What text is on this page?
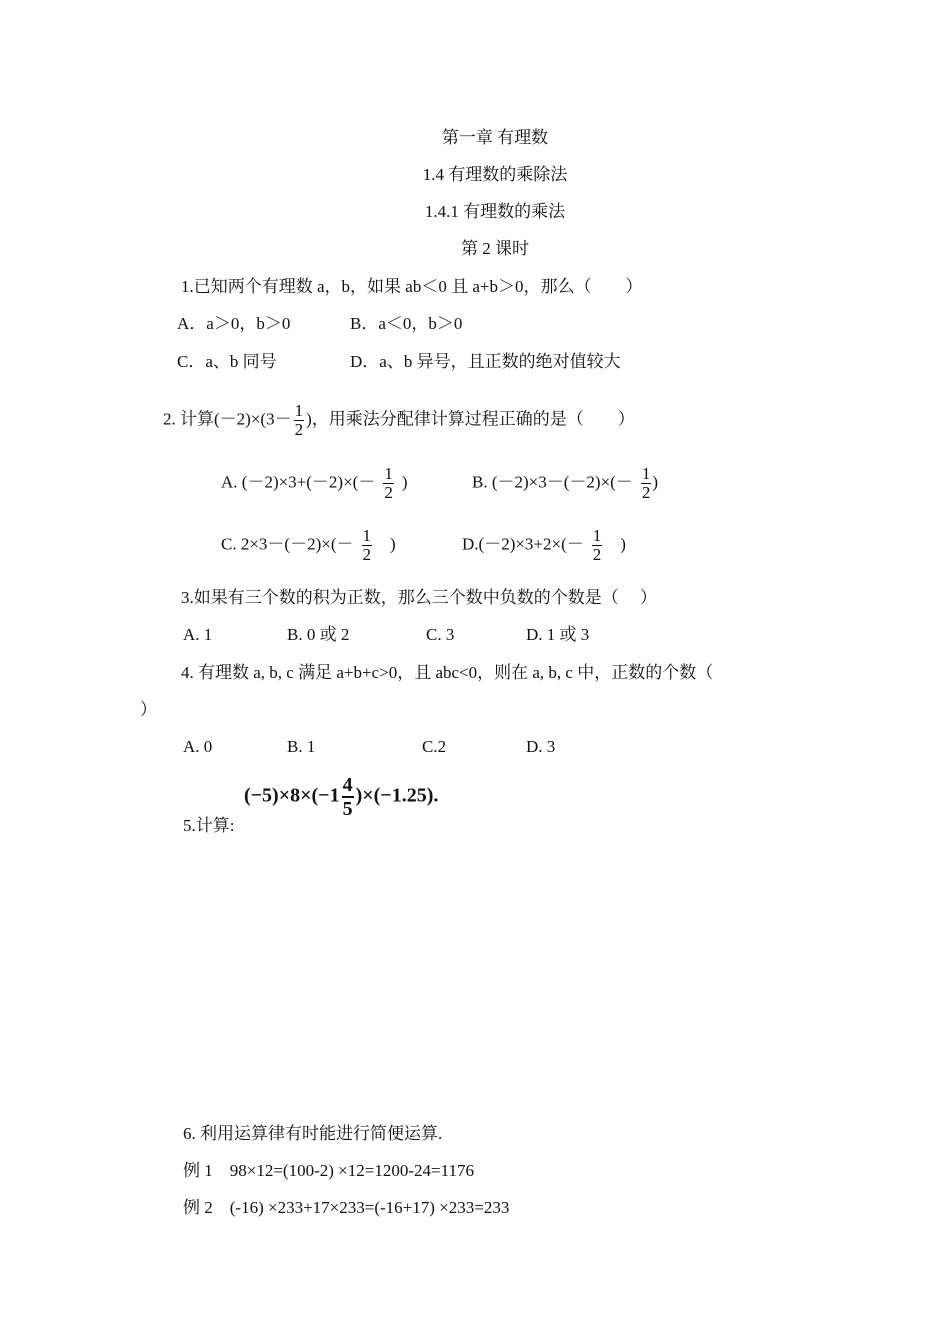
第一章 有理数
1.4 有理数的乘除法
1.4.1 有理数的乘法
第 2 课时
1.已知两个有理数 a，b，如果 ab＜0 且 a+b＞0，那么（　　）
A．a＞0，b＞0	B．a＜0，b＞0
C．a、b 同号	D．a、b 异号，且正数的绝对值较大
2. 计算$(-2)\times(3- \frac{1}{2}$ )，用乘法分配律计算过程正确的是（　　）
A. $(-2)\times 3+(-2)\times(- \frac{1}{2}$ )	B. $(-2)\times 3-(-2)\times(- \frac{1}{2}$ )
C. $2\times 3-(-2)\times(- \frac{1}{2}$ )	$D.(-2)\times 3+2\times(- \frac{1}{2}$ )
3.如果有三个数的积为正数，那么三个数中负数的个数是（　 ）
A. 1	B. 0 或 2	C. 3	D. 1 或 3
4. 有理数 a, b, c 满足 a+b+c>0，且 abc<0，则在 a, b, c 中，正数的个数（
）
A. 0	B. 1	C.2	D. 3
$(-5)\times 8\times(-1 \frac{4}{5} )\times(-1.25)$.
5.计算:
6. 利用运算律有时能进行简便运算.
例 1　98×12=(100-2) ×12=1200-24=1176
例 2　(-16) ×233+17×233=(-16+17) ×233=233
